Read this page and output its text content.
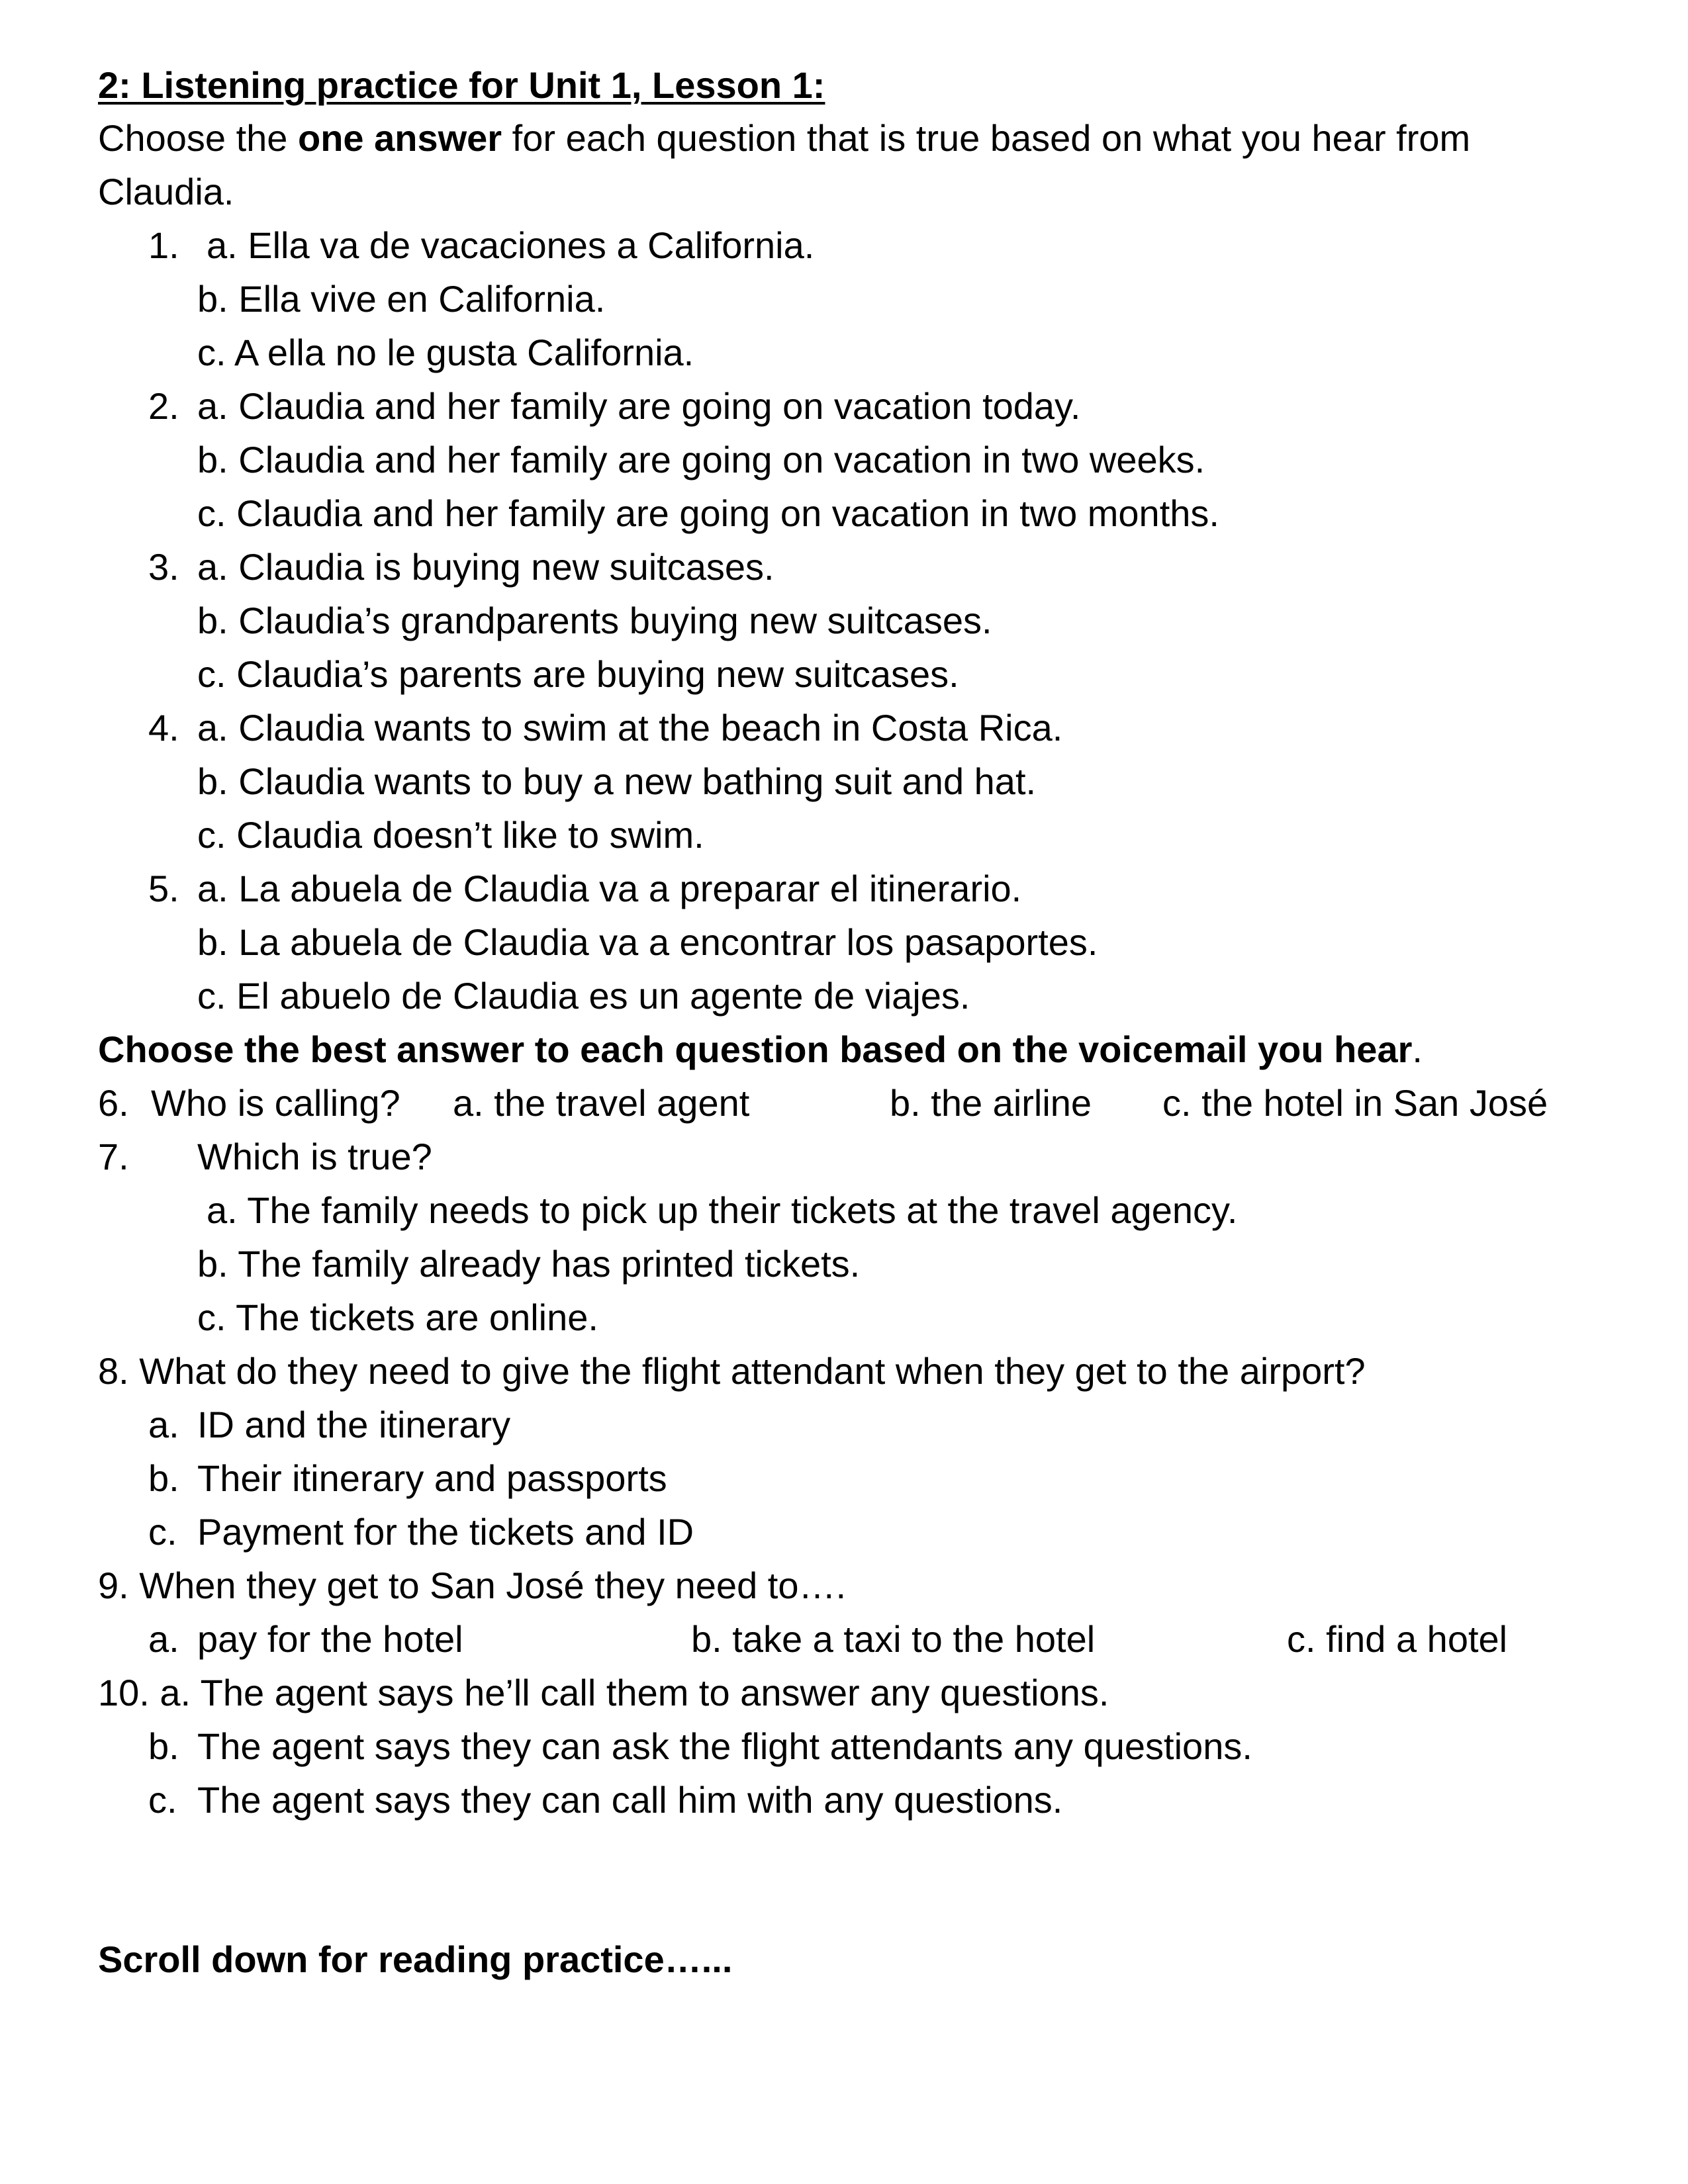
2: Listening practice for Unit 1, Lesson 1:
Choose the one answer for each question that is true based on what you hear from
Claudia.
1. a. Ella va de vacaciones a California.
b. Ella vive en California.
c. A ella no le gusta California.
2. a. Claudia and her family are going on vacation today.
b. Claudia and her family are going on vacation in two weeks.
c. Claudia and her family are going on vacation in two months.
3. a. Claudia is buying new suitcases.
b. Claudia’s grandparents buying new suitcases.
c. Claudia’s parents are buying new suitcases.
4. a. Claudia wants to swim at the beach in Costa Rica.
b. Claudia wants to buy a new bathing suit and hat.
c. Claudia doesn’t like to swim.
5. a. La abuela de Claudia va a preparar el itinerario.
b. La abuela de Claudia va a encontrar los pasaportes.
c. El abuelo de Claudia es un agente de viajes.
Choose the best answer to each question based on the voicemail you hear.
6. Who is calling? a. the travel agent	b. the airline c. the hotel in San José
7. Which is true?
a. The family needs to pick up their tickets at the travel agency.
b. The family already has printed tickets.
c. The tickets are online.
8. What do they need to give the flight attendant when they get to the airport?
a. ID and the itinerary
b. Their itinerary and passports
c. Payment for the tickets and ID
9. When they get to San José they need to….
a. pay for the hotel	b. take a taxi to the hotel	c. find a hotel
10. a. The agent says he’ll call them to answer any questions.
b. The agent says they can ask the flight attendants any questions.
c. The agent says they can call him with any questions.
Scroll down for reading practice…...
